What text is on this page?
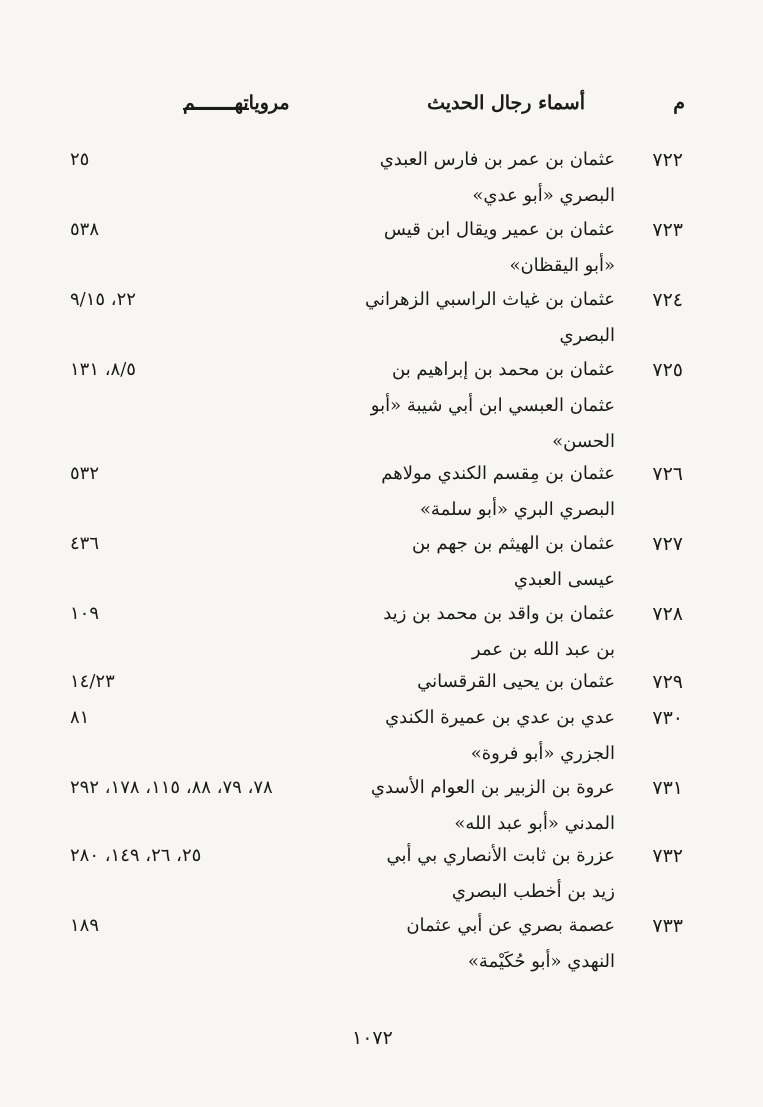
م
أسماء رجال الحديث
مروياتهـــــــم
٧٢٢
عثمان بن عمر بن فارس العبدي
البصري «أبو عدي»
٢٥
٧٢٣
عثمان بن عمير ويقال ابن قيس
«أبو اليقظان»
٥٣٨
٧٢٤
عثمان بن غياث الراسبي الزهراني
البصري
٢٢، ٩/١٥
٧٢٥
عثمان بن محمد بن إبراهيم بن
عثمان العبسي ابن أبي شيبة «أبو
الحسن»
٨/٥، ١٣١
٧٢٦
عثمان بن مِقسم الكندي مولاهم
البصري البري «أبو سلمة»
٥٣٢
٧٢٧
عثمان بن الهيثم بن جهم بن
عيسى العبدي
٤٣٦
٧٢٨
عثمان بن واقد بن محمد بن زيد
بن عبد الله بن عمر
١٠٩
٧٢٩
عثمان بن يحيى القرقساني
١٤/٢٣
٧٣٠
عدي بن عدي بن عميرة الكندي
الجزري «أبو فروة»
٨١
٧٣١
عروة بن الزبير بن العوام الأسدي
المدني «أبو عبد الله»
٧٨، ٧٩، ٨٨، ١١٥، ١٧٨، ٢٩٢
٧٣٢
عزرة بن ثابت الأنصاري بي أبي
زيد بن أخطب البصري
٢٥، ٢٦، ١٤٩، ٢٨٠
٧٣٣
عصمة بصري عن أبي عثمان
النهدي «أبو حُكَيْمة»
١٨٩
١٠٧٢
